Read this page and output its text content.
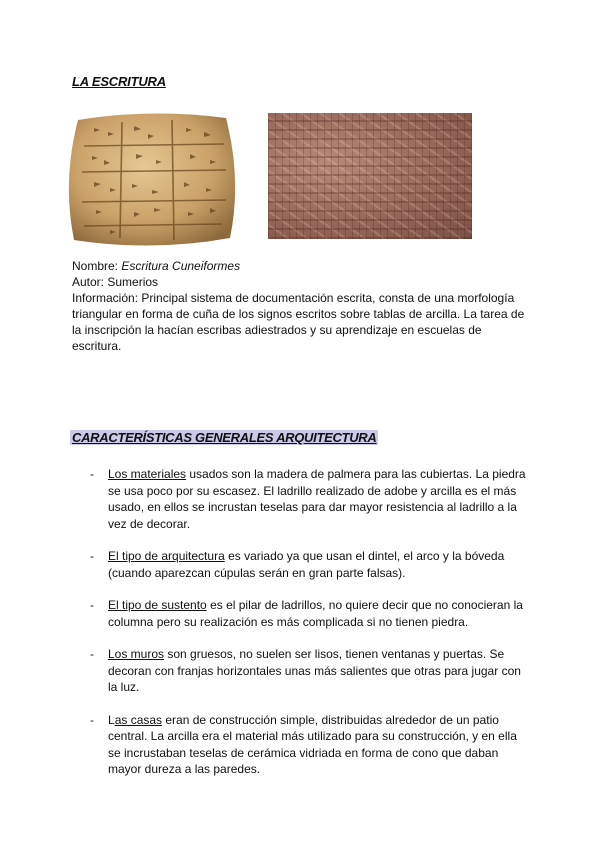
LA ESCRITURA

Nombre: Escritura Cuneiformes

Autor: Sumerios

Información: Principal sistema de documentación escrita, consta de una morfología triangular en forma de cuña de los signos escritos sobre tablas de arcilla. La tarea de la inscripción la hacían escribas adiestrados y su aprendizaje en escuelas de escritura.

CARACTERÍSTICAS GENERALES ARQUITECTURA
- Los materiales usados son la madera de palmera para las cubiertas. La piedra se usa poco por su escasez. El ladrillo realizado de adobe y arcilla es el más usado, en ellos se incrustan teselas para dar mayor resistencia al ladrillo a la vez de decorar.
- El tipo de arquitectura es variado ya que usan el dintel, el arco y la bóveda (cuando aparezcan cúpulas serán en gran parte falsas).
- El tipo de sustento es el pilar de ladrillos, no quiere decir que no conocieran la columna pero su realización es más complicada si no tienen piedra.
- Los muros son gruesos, no suelen ser lisos, tienen ventanas y puertas. Se decoran con franjas horizontales unas más salientes que otras para jugar con la luz.
- Las casas eran de construcción simple, distribuidas alrededor de un patio central. La arcilla era el material más utilizado para su construcción, y en ella se incrustaban teselas de cerámica vidriada en forma de cono que daban mayor dureza a las paredes.
